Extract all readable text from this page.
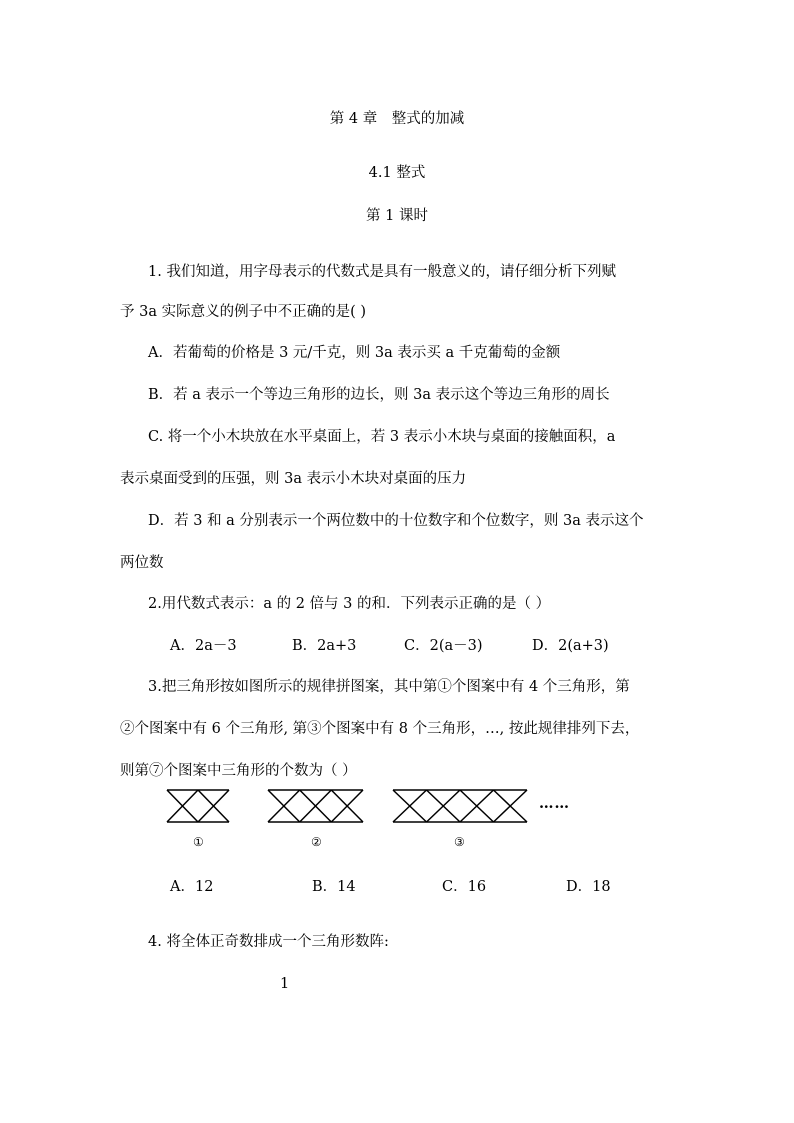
第 4 章　整式的加减
4.1 整式
第 1 课时
1. 我们知道，用字母表示的代数式是具有一般意义的，请仔细分析下列赋
予 3a 实际意义的例子中不正确的是( )
A．若葡萄的价格是 3 元/千克，则 3a 表示买 a 千克葡萄的金额
B．若 a 表示一个等边三角形的边长，则 3a 表示这个等边三角形的周长
C. 将一个小木块放在水平桌面上，若 3 表示小木块与桌面的接触面积，a
表示桌面受到的压强，则 3a 表示小木块对桌面的压力
D．若 3 和 a 分别表示一个两位数中的十位数字和个位数字，则 3a 表示这个
两位数
2.用代数式表示：a 的 2 倍与 3 的和．下列表示正确的是（ ）
A．2a－3	B．2a+3	C．2(a－3)	D．2(a+3)
3.把三角形按如图所示的规律拼图案，其中第①个图案中有 4 个三角形，第
②个图案中有 6 个三角形, 第③个图案中有 8 个三角形，…, 按此规律排列下去，
则第⑦个图案中三角形的个数为（ ）
……
①	②	③
A．12	B．14	C．16	D．18
4. 将全体正奇数排成一个三角形数阵:
1
